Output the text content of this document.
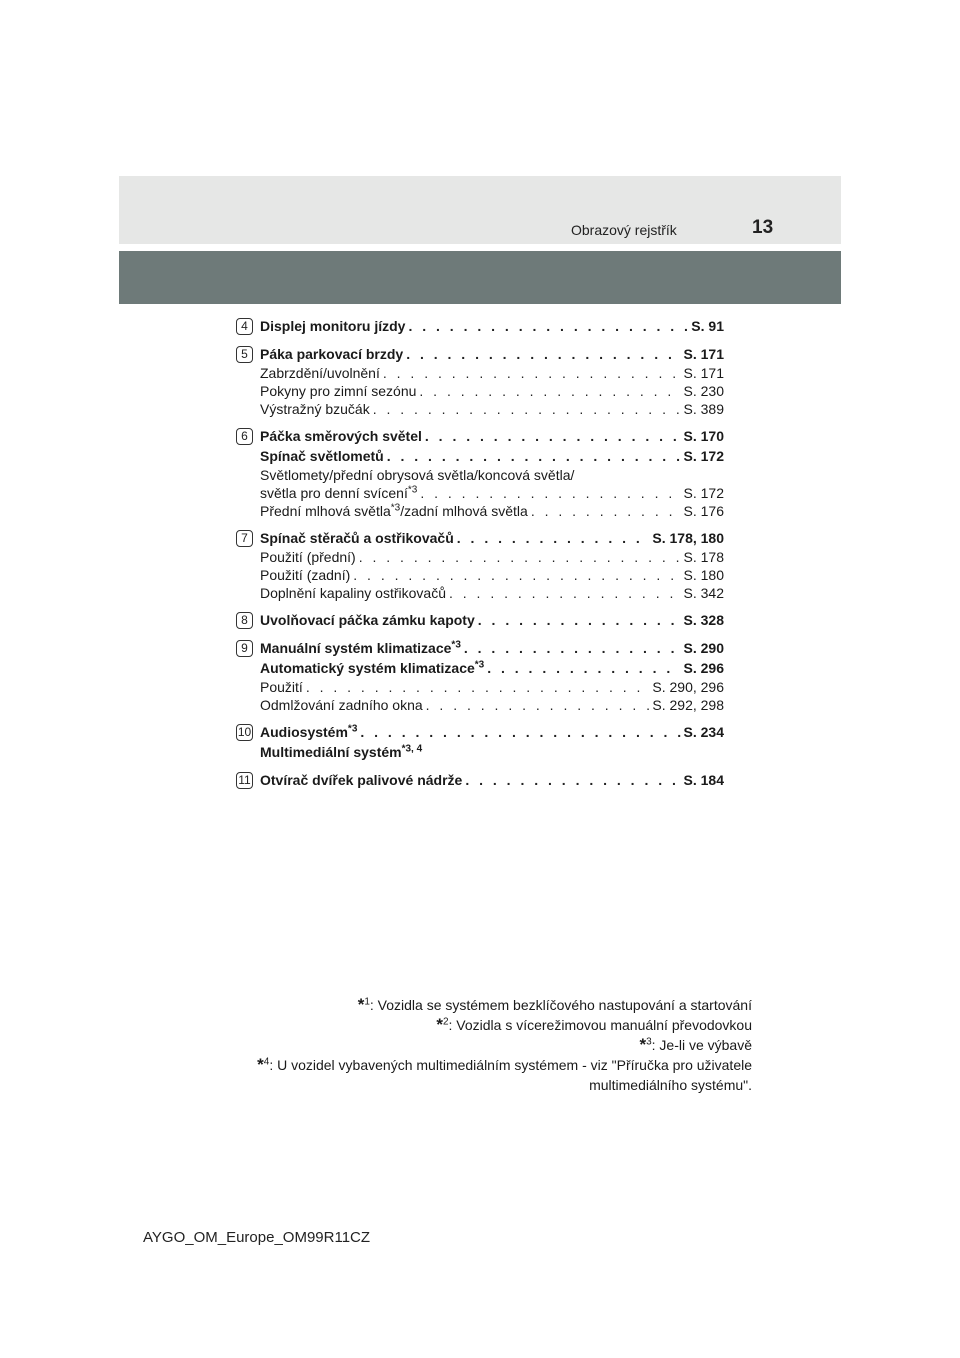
Obrazový rejstřík	13
4 Displej monitoru jízdy . . .	S. 91
5 Páka parkovací brzdy . . .	S. 171
Zabrzdění/uvolnění . . .	S. 171
Pokyny pro zimní sezónu . . .	S. 230
Výstražný bzučák . . .	S. 389
6 Páčka směrových světel . . .	S. 170
Spínač světlometů . . .	S. 172
Světlomety/přední obrysová světla/koncová světla/
světla pro denní svícení$^{*3}$ . . .	S. 172
Přední mlhová světla$^{*3}$/zadní mlhová světla . . .	S. 176
7 Spínač stěračů a ostřikovačů . . .	S. 178, 180
Použití (přední) . . .	S. 178
Použití (zadní) . . .	S. 180
Doplnění kapaliny ostřikovačů . . .	S. 342
8 Uvolňovací páčka zámku kapoty . . .	S. 328
9 Manuální systém klimatizace$^{*3}$ . . .	S. 290
Automatický systém klimatizace$^{*3}$ . . .	S. 296
Použití . . .	S. 290, 296
Odmlžování zadního okna . . .	S. 292, 298
10 Audiosystém$^{*3}$ . . .	S. 234
Multimediální systém$^{*3, 4}$
11 Otvírač dvířek palivové nádrže . . .	S. 184
*$^1$: Vozidla se systémem bezklíčového nastupování a startování
*$^2$: Vozidla s vícerežimovou manuální převodovkou
*$^3$: Je-li ve výbavě
*$^4$: U vozidel vybavených multimediálním systémem - viz "Příručka pro uživatele multimediálního systému".
AYGO_OM_Europe_OM99R11CZ
